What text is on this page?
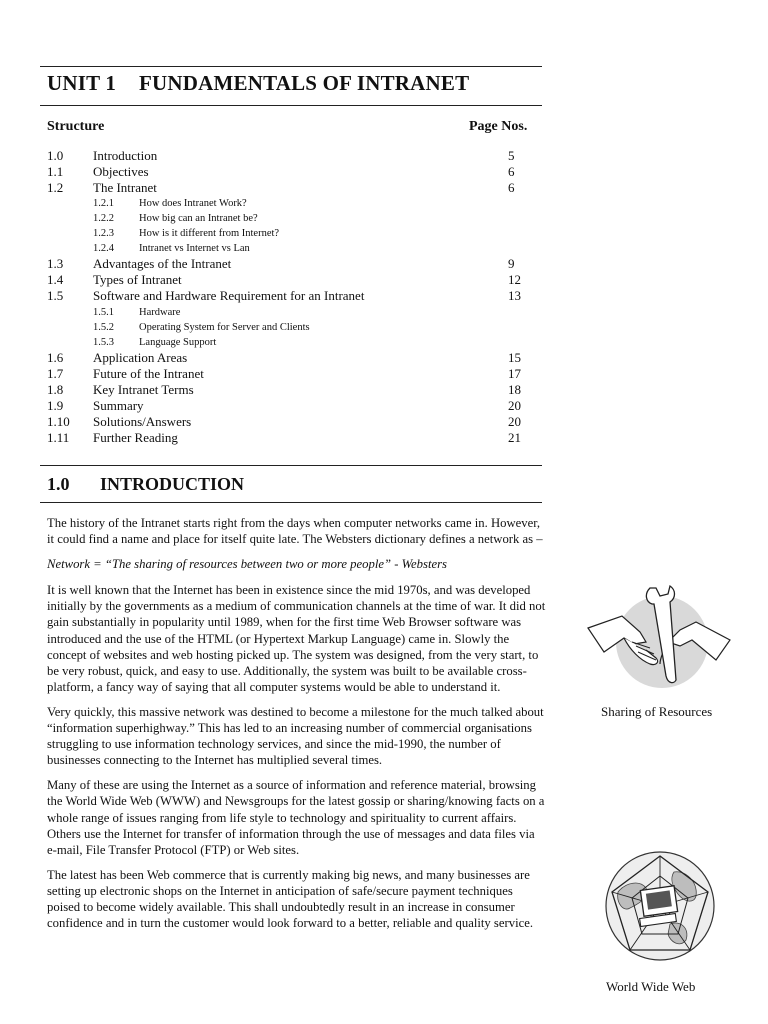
UNIT 1 FUNDAMENTALS OF INTRANET
Structure	Page Nos.
1.0 Introduction	5
1.1 Objectives	6
1.2 The Intranet	6
1.2.1 How does Intranet Work?
1.2.2 How big can an Intranet be?
1.2.3 How is it different from Internet?
1.2.4 Intranet vs Internet vs Lan
1.3 Advantages of the Intranet	9
1.4 Types of Intranet	12
1.5 Software and Hardware Requirement for an Intranet	13
1.5.1 Hardware
1.5.2 Operating System for Server and Clients
1.5.3 Language Support
1.6 Application Areas	15
1.7 Future of the Intranet	17
1.8 Key Intranet Terms	18
1.9 Summary	20
1.10 Solutions/Answers	20
1.11 Further Reading	21
1.0 INTRODUCTION

The history of the Intranet starts right from the days when computer networks came in. However, it could find a name and place for itself quite late. The Websters dictionary defines a network as –

Network = “The sharing of resources between two or more people” - Websters

It is well known that the Internet has been in existence since the mid 1970s, and was developed initially by the governments as a medium of communication channels at the time of war. It did not gain substantially in popularity until 1989, when for the first time Web Browser software was introduced and the use of the HTML (or Hypertext Markup Language) came in. Slowly the concept of websites and web hosting picked up. The system was designed, from the very start, to be very robust, quick, and easy to use. Additionally, the system was built to be available cross-platform, a fancy way of saying that all computer systems would be able to understand it.

Very quickly, this massive network was destined to become a milestone for the much talked about “information superhighway.” This has led to an increasing number of commercial organisations struggling to use information technology services, and since the mid-1990, the number of businesses connecting to the Internet has multiplied several times.

Many of these are using the Internet as a source of information and reference material, browsing the World Wide Web (WWW) and Newsgroups for the latest gossip or sharing/knowing facts on a whole range of issues ranging from life style to technology and spirituality to current affairs. Others use the Internet for transfer of information through the use of messages and data files via e-mail, File Transfer Protocol (FTP) or Web sites.

The latest has been Web commerce that is currently making big news, and many businesses are setting up electronic shops on the Internet in anticipation of safe/secure payment techniques poised to become widely available. This shall undoubtedly result in an increase in consumer confidence and in turn the customer would look forward to a better, reliable and quality service.

Sharing of Resources
World Wide Web
